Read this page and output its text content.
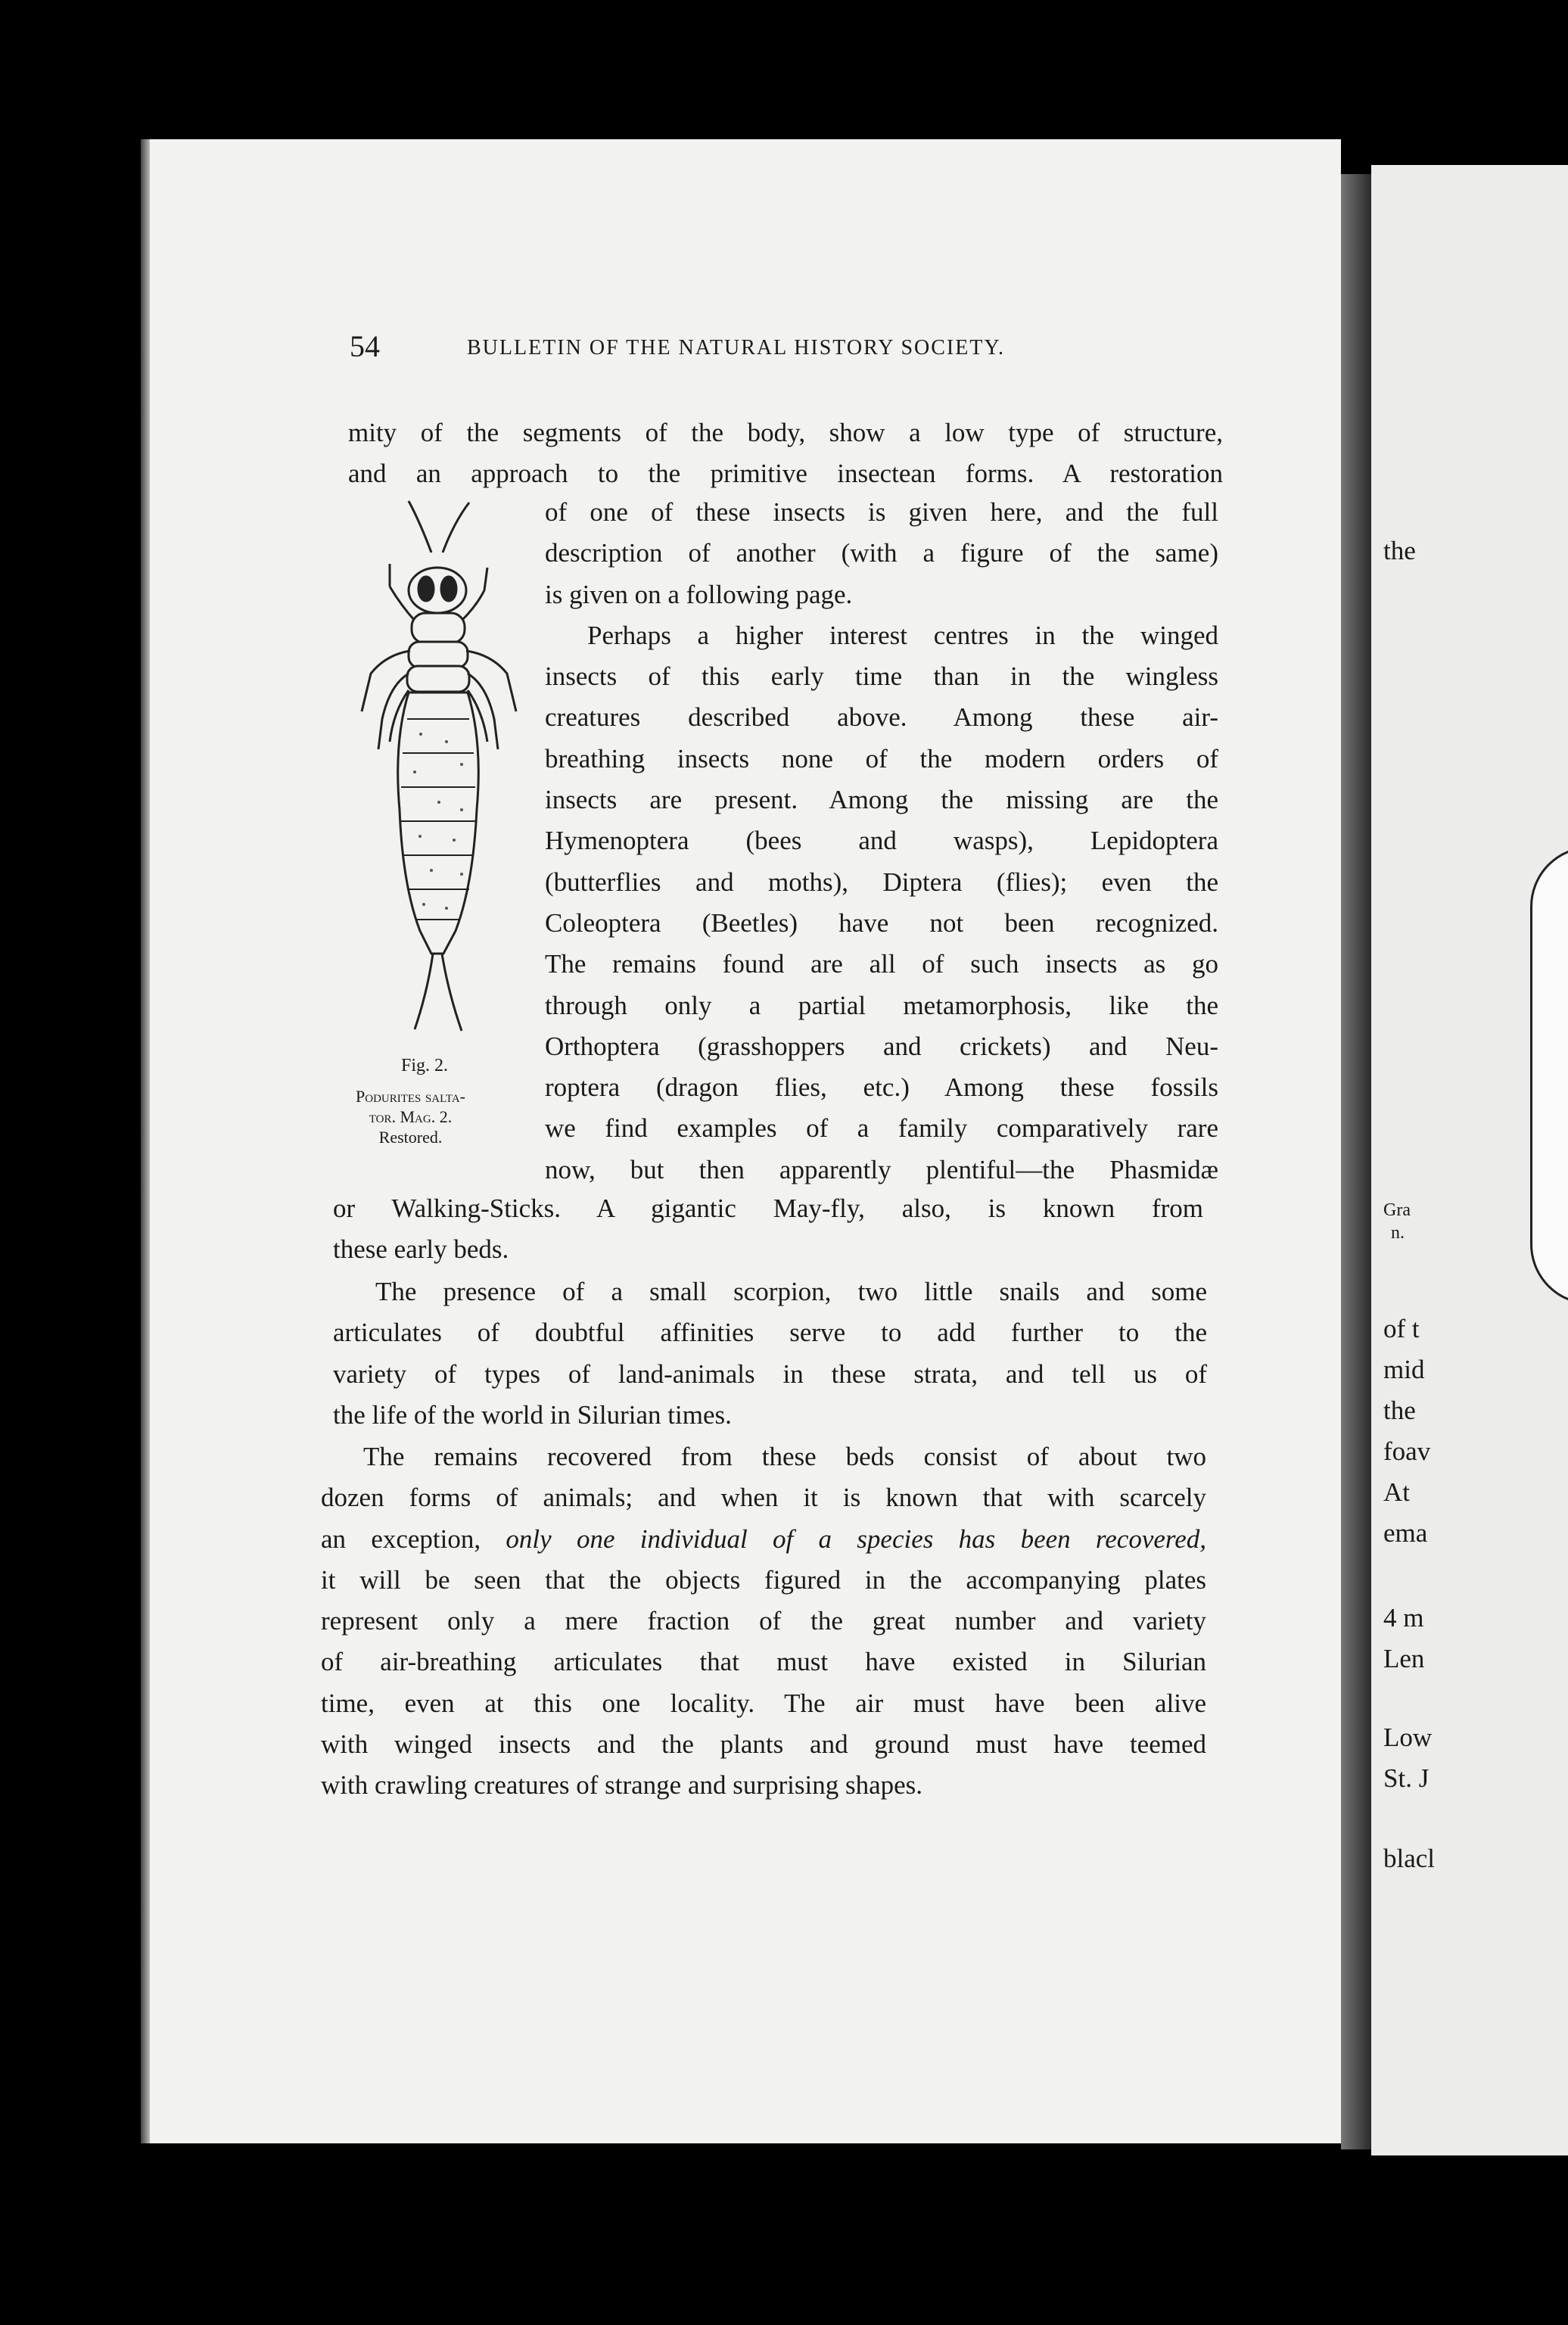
the
Gra
n.
of t
mid
the
foav
At
ema
4 m
Len
Low
St. J
blacl
54	BULLETIN OF THE NATURAL HISTORY SOCIETY.
mity of the segments of the body, show a low type of structure,
and an approach to the primitive insectean forms. A restoration
of one of these insects is given here, and the full
description of another (with a figure of the same)
is given on a following page.
Perhaps a higher interest centres in the winged
insects of this early time than in the wingless
creatures described above. Among these air-
breathing insects none of the modern orders of
insects are present. Among the missing are the
Hymenoptera (bees and wasps), Lepidoptera
(butterflies and moths), Diptera (flies); even the
Coleoptera (Beetles) have not been recognized.
The remains found are all of such insects as go
through only a partial metamorphosis, like the
Orthoptera (grasshoppers and crickets) and Neu-
roptera (dragon flies, etc.) Among these fossils
we find examples of a family comparatively rare
now, but then apparently plentiful—the Phasmidæ
Fig. 2.
Podurites salta-
tor. Mag. 2.
Restored.
or Walking-Sticks. A gigantic May-fly, also, is known from
these early beds.
The presence of a small scorpion, two little snails and some
articulates of doubtful affinities serve to add further to the
variety of types of land-animals in these strata, and tell us of
the life of the world in Silurian times.
The remains recovered from these beds consist of about two
dozen forms of animals; and when it is known that with scarcely
an exception, only one individual of a species has been recovered,
it will be seen that the objects figured in the accompanying plates
represent only a mere fraction of the great number and variety
of air-breathing articulates that must have existed in Silurian
time, even at this one locality. The air must have been alive
with winged insects and the plants and ground must have teemed
with crawling creatures of strange and surprising shapes.
